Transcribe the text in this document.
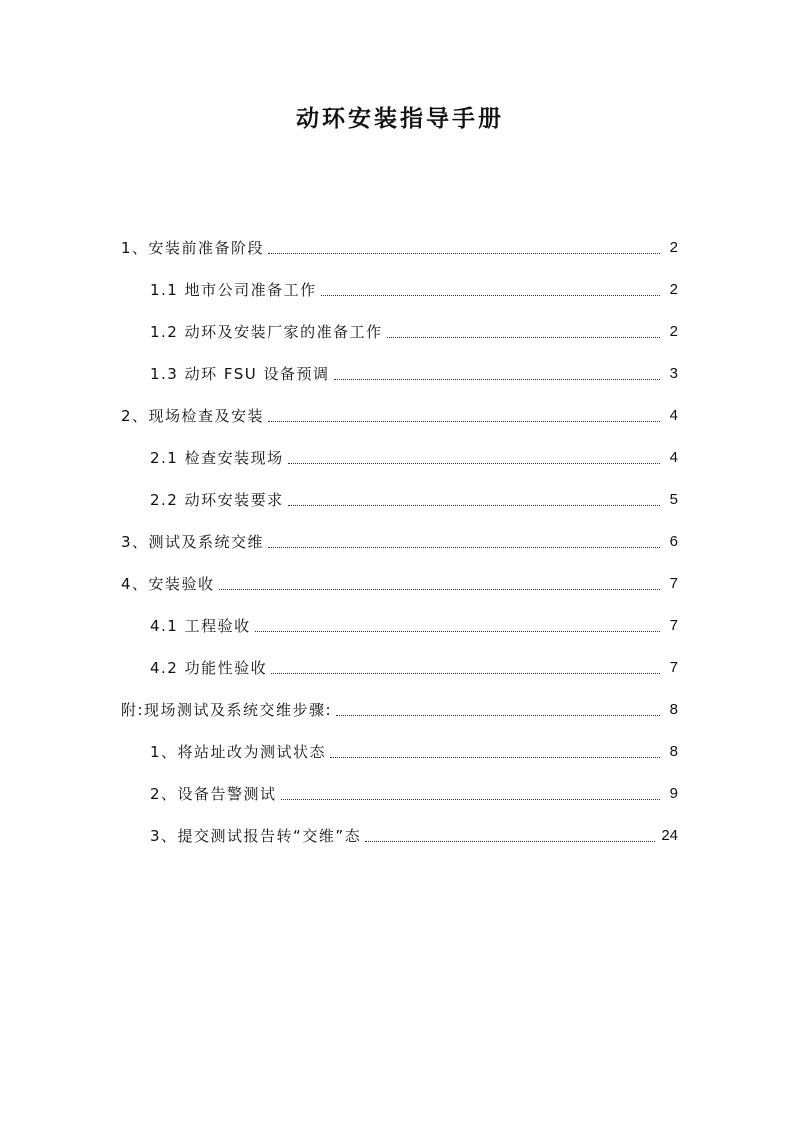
动环安装指导手册
1、安装前准备阶段	2
1.1 地市公司准备工作	2
1.2 动环及安装厂家的准备工作	2
1.3 动环 FSU 设备预调	3
2、现场检查及安装	4
2.1 检查安装现场	4
2.2 动环安装要求	5
3、测试及系统交维	6
4、安装验收	7
4.1 工程验收	7
4.2 功能性验收	7
附:现场测试及系统交维步骤:	8
1、将站址改为测试状态	8
2、设备告警测试	9
3、提交测试报告转“交维”态	24
